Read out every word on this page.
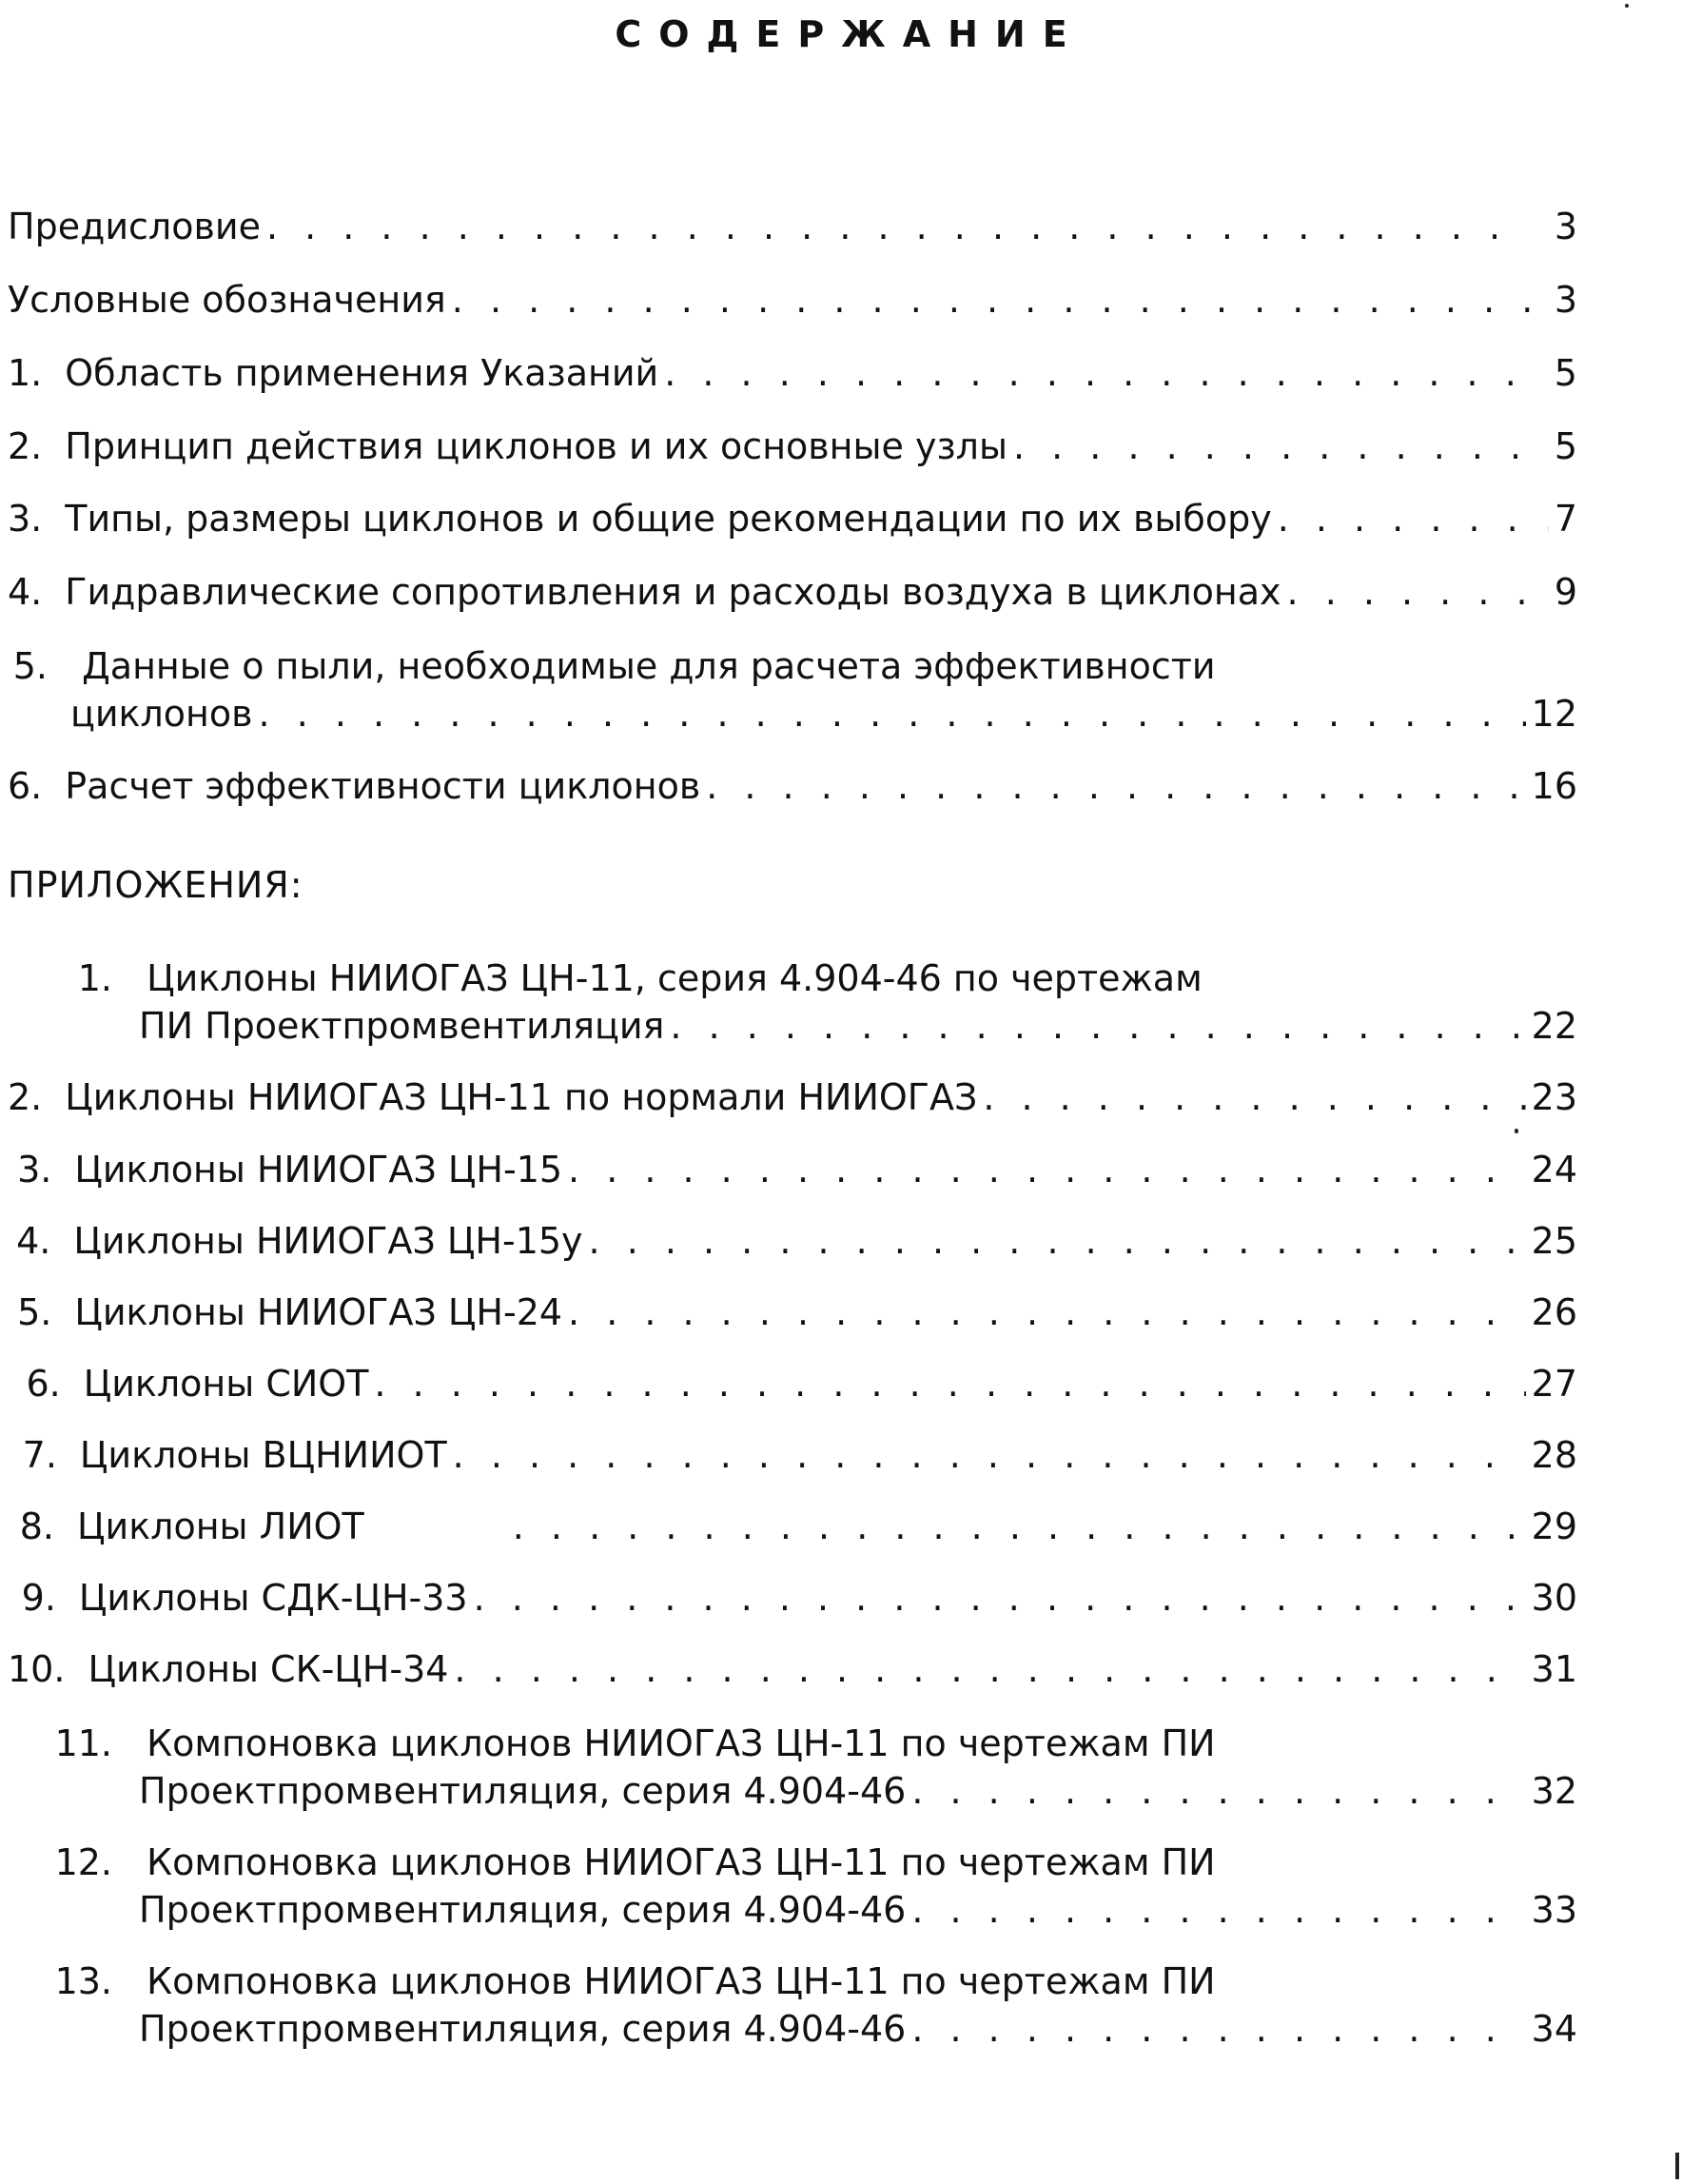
СОДЕРЖАНИЕ
Предисловие . . .	3
Условные обозначения . . .	3
1. Область применения Указаний . . .	5
2. Принцип действия циклонов и их основные узлы . . .	5
3. Типы, размеры циклонов и общие рекомендации по их выбору . . .	7
4. Гидравлические сопротивления и расходы воздуха в циклонах . . .	9
5. Данные о пыли, необходимые для расчета эффективности
циклонов . . .	12
6. Расчет эффективности циклонов . . .	16
ПРИЛОЖЕНИЯ:
1. Циклоны НИИОГАЗ ЦН-11, серия 4.904-46 по чертежам
ПИ Проектпромвентиляция . . .	22
2. Циклоны НИИОГАЗ ЦН-11 по нормали НИИОГАЗ . . .	23
3. Циклоны НИИОГАЗ ЦН-15 . . .	24
4. Циклоны НИИОГАЗ ЦН-15у . . .	25
5. Циклоны НИИОГАЗ ЦН-24 . . .	26
6. Циклоны СИОТ . . .	27
7. Циклоны ВЦНИИОТ . . .	28
8. Циклоны ЛИОТ . . .	29
9. Циклоны СДК-ЦН-33 . . .	30
10. Циклоны СК-ЦН-34 . . .	31
11. Компоновка циклонов НИИОГАЗ ЦН-11 по чертежам ПИ
Проектпромвентиляция, серия 4.904-46 . . .	32
12. Компоновка циклонов НИИОГАЗ ЦН-11 по чертежам ПИ
Проектпромвентиляция, серия 4.904-46 . . .	33
13. Компоновка циклонов НИИОГАЗ ЦН-11 по чертежам ПИ
Проектпромвентиляция, серия 4.904-46 . . .	34
